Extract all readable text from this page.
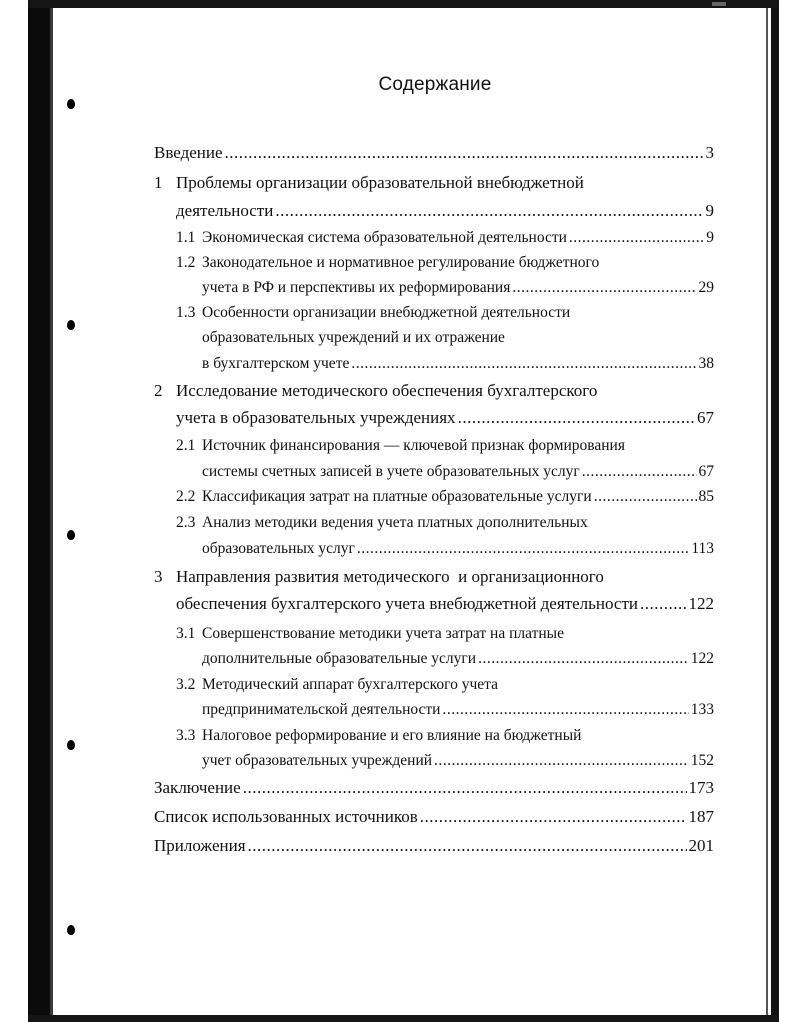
Содержание
Введение .....	3
1 Проблемы организации образовательной внебюджетной
деятельности .....	9
1.1 Экономическая система образовательной деятельности .....	9
1.2 Законодательное и нормативное регулирование бюджетного
учета в РФ и перспективы их реформирования .....	29
1.3 Особенности организации внебюджетной деятельности
образовательных учреждений и их отражение
в бухгалтерском учете .....	38
2 Исследование методического обеспечения бухгалтерского
учета в образовательных учреждениях .....	67
2.1 Источник финансирования — ключевой признак формирования
системы счетных записей в учете образовательных услуг .....	67
2.2 Классификация затрат на платные образовательные услуги .....	85
2.3 Анализ методики ведения учета платных дополнительных
образовательных услуг .....	113
3 Направления развития методического  и организационного
обеспечения бухгалтерского учета внебюджетной деятельности .....	122
3.1 Совершенствование методики учета затрат на платные
дополнительные образовательные услуги .....	122
3.2 Методический аппарат бухгалтерского учета
предпринимательской деятельности .....	133
3.3 Налоговое реформирование и его влияние на бюджетный
учет образовательных учреждений .....	152
Заключение .....	173
Список использованных источников .....	187
Приложения .....	201
